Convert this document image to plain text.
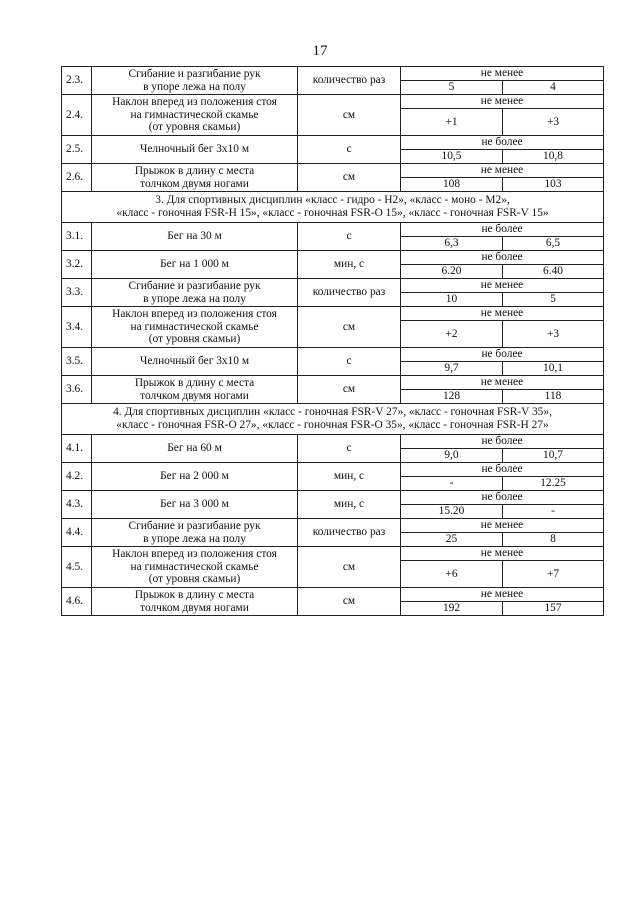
17
2.3.	Сгибание и разгибание рук
в упоре лежа на полу	количество раз	не менее	
			5	4
2.4.	Наклон вперед из положения стоя
на гимнастической скамье
(от уровня скамьи)	см	не менее	
			+1	+3
2.5.	Челночный бег 3x10 м	с	не более	
			10,5	10,8
2.6.	Прыжок в длину с места
толчком двумя ногами	см	не менее	
			108	103

3. Для спортивных дисциплин «класс - гидро - Н2», «класс - моно - М2»,
«класс - гоночная FSR-H 15», «класс - гоночная FSR-O 15», «класс - гоночная FSR-V 15»				

3.1.	Бег на 30 м	с	не более	
			6,3	6,5
3.2.	Бег на 1 000 м	мин, с	не более	
			6.20	6.40
3.3.	Сгибание и разгибание рук
в упоре лежа на полу	количество раз	не менее	
			10	5
3.4.	Наклон вперед из положения стоя
на гимнастической скамье
(от уровня скамьи)	см	не менее	
			+2	+3
3.5.	Челночный бег 3x10 м	с	не более	
			9,7	10,1
3.6.	Прыжок в длину с места
толчком двумя ногами	см	не менее	
			128	118

4. Для спортивных дисциплин «класс - гоночная FSR-V 27», «класс - гоночная FSR-V 35»,
«класс - гоночная FSR-O 27», «класс - гоночная FSR-O 35», «класс - гоночная FSR-H 27»				

4.1.	Бег на 60 м	с	не более	
			9,0	10,7
4.2.	Бег на 2 000 м	мин, с	не более	
			-	12.25
4.3.	Бег на 3 000 м	мин, с	не более	
			15.20	-
4.4.	Сгибание и разгибание рук
в упоре лежа на полу	количество раз	не менее	
			25	8
4.5.	Наклон вперед из положения стоя
на гимнастической скамье
(от уровня скамьи)	см	не менее	
			+6	+7
4.6.	Прыжок в длину с места
толчком двумя ногами	см	не менее	
			192	157
